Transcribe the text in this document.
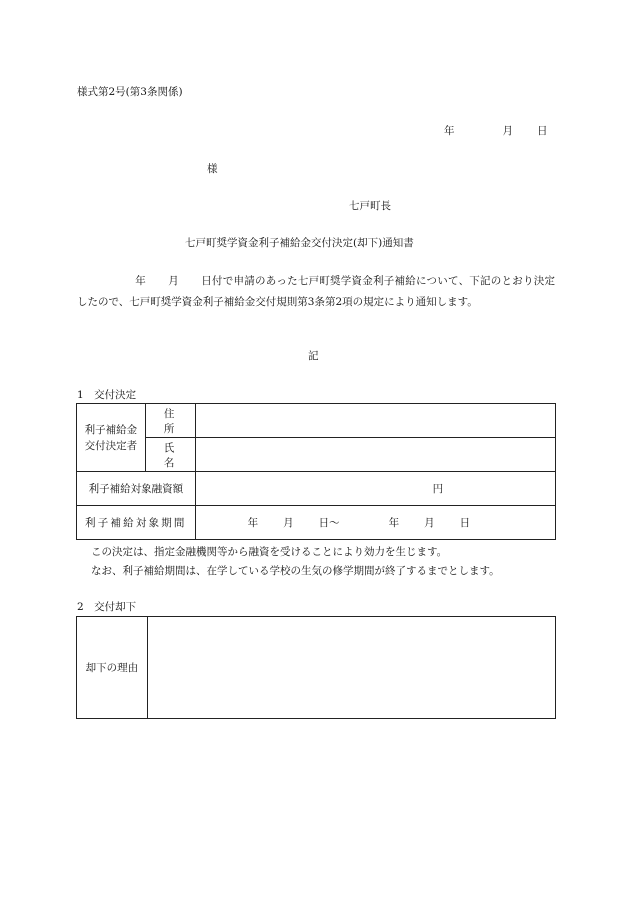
様式第2号(第3条関係)
年	月 日
様
七戸町長
七戸町奨学資金利子補給金交付決定(却下)通知書
年 月 日付で申請のあった七戸町奨学資金利子補給について、下記のとおり決定したので、七戸町奨学資金利子補給金交付規則第3条第2項の規定により通知します。
記
1　交付決定
利子補給金
交付決定者	住　所	
	氏　名	
利子補給対象融資額		円
利子補給対象期間		年 月 日～ 年 月 日
この決定は、指定金融機関等から融資を受けることにより効力を生じます。
なお、利子補給期間は、在学している学校の生気の修学期間が終了するまでとします。
2　交付却下
却下の理由	
